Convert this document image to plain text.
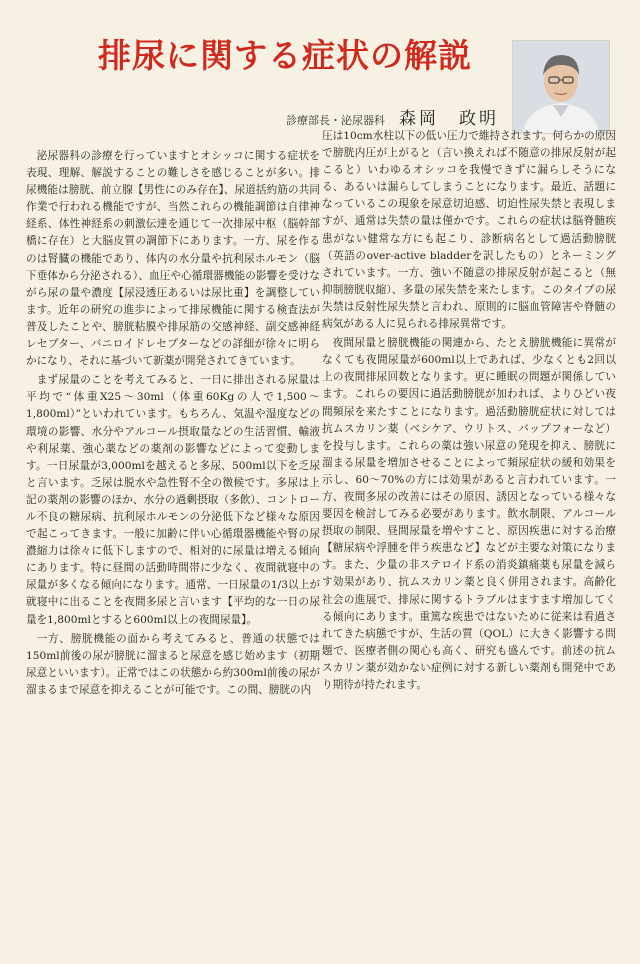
排尿に関する症状の解説
診療部長・泌尿器科 森岡　政明

泌尿器科の診療を行っていますとオシッコに関する症状を表現、理解、解説することの難しさを感じることが多い。排尿機能は膀胱、前立腺【男性にのみ存在】、尿道括約筋の共同作業で行われる機能ですが、当然これらの機能調節は自律神経系、体性神経系の刺激伝達を通じて一次排尿中枢（脳幹部橋に存在）と大脳皮質の調節下にあります。一方、尿を作るのは腎臓の機能であり、体内の水分量や抗利尿ホルモン（脳下垂体から分泌される）、血圧や心循環器機能の影響を受けながら尿の量や濃度【尿浸透圧あるいは尿比重】を調整しています。近年の研究の進歩によって排尿機能に関する検査法が普及したことや、膀胱粘膜や排尿筋の交感神経、副交感神経レセプター、バニロイドレセプターなどの詳細が徐々に明らかになり、それに基づいて新薬が開発されてきています。

まず尿量のことを考えてみると、一日に排出される尿量は平均で“体重X25～30ml（体重60Kgの人で1,500～1,800ml）”といわれています。もちろん、気温や湿度などの環境の影響、水分やアルコール摂取量などの生活習慣、輸液や利尿薬、強心薬などの薬剤の影響などによって変動します。一日尿量が3,000mlを越えると多尿、500ml以下を乏尿と言います。乏尿は脱水や急性腎不全の徴候です。多尿は上記の薬剤の影響のほか、水分の過剰摂取（多飲）、コントロール不良の糖尿病、抗利尿ホルモンの分泌低下など様々な原因で起こってきます。一般に加齢に伴い心循環器機能や腎の尿濃縮力は徐々に低下しますので、相対的に尿量は増える傾向にあります。特に昼間の活動時間帯に少なく、夜間就寝中の尿量が多くなる傾向になります。通常、一日尿量の1/3以上が就寝中に出ることを夜間多尿と言います【平均的な一日の尿量を1,800mlとすると600ml以上の夜間尿量】。

一方、膀胱機能の面から考えてみると、普通の状態では150ml前後の尿が膀胱に溜まると尿意を感じ始めます（初期尿意といいます）。正常ではこの状態から約300ml前後の尿が溜まるまで尿意を抑えることが可能です。この間、膀胱の内

圧は10cm水柱以下の低い圧力で維持されます。何らかの原因で膀胱内圧が上がると（言い換えれば不随意の排尿反射が起こると）いわゆるオシッコを我慢できずに漏らしそうになる、あるいは漏らしてしまうことになります。最近、話題になっているこの現象を尿意切迫感、切迫性尿失禁と表現しますが、通常は失禁の量は僅かです。これらの症状は脳脊髄疾患がない健常な方にも起こり、診断病名として過活動膀胱（英語のover-active bladderを訳したもの）とネーミングされています。一方、強い不随意の排尿反射が起こると（無抑制膀胱収縮）、多量の尿失禁を来たします。このタイプの尿失禁は反射性尿失禁と言われ、原則的に脳血管障害や脊髄の病気がある人に見られる排尿異常です。

夜間尿量と膀胱機能の関連から、たとえ膀胱機能に異常がなくても夜間尿量が600ml以上であれば、少なくとも2回以上の夜間排尿回数となります。更に睡眠の問題が関係しています。これらの要因に過活動膀胱が加われば、よりひどい夜間頻尿を来たすことになります。過活動膀胱症状に対しては抗ムスカリン薬（ベシケア、ウリトス、バップフォーなど）を投与します。これらの薬は強い尿意の発現を抑え、膀胱に溜まる尿量を増加させることによって頻尿症状の緩和効果を示し、60～70%の方には効果があると言われています。一方、夜間多尿の改善にはその原因、誘因となっている様々な要因を検討してみる必要があります。飲水制限、アルコール摂取の制限、昼間尿量を増やすこと、原因疾患に対する治療【糖尿病や浮腫を伴う疾患など】などが主要な対策になります。また、少量の非ステロイド系の消炎鎮痛薬も尿量を減らす効果があり、抗ムスカリン薬と良く併用されます。高齢化社会の進展で、排尿に関するトラブルはますます増加してくる傾向にあります。重篤な疾患ではないために従来は看過されてきた病態ですが、生活の質（QOL）に大きく影響する問題で、医療者側の関心も高く、研究も盛んです。前述の抗ムスカリン薬が効かない症例に対する新しい薬剤も開発中であり期待が持たれます。
